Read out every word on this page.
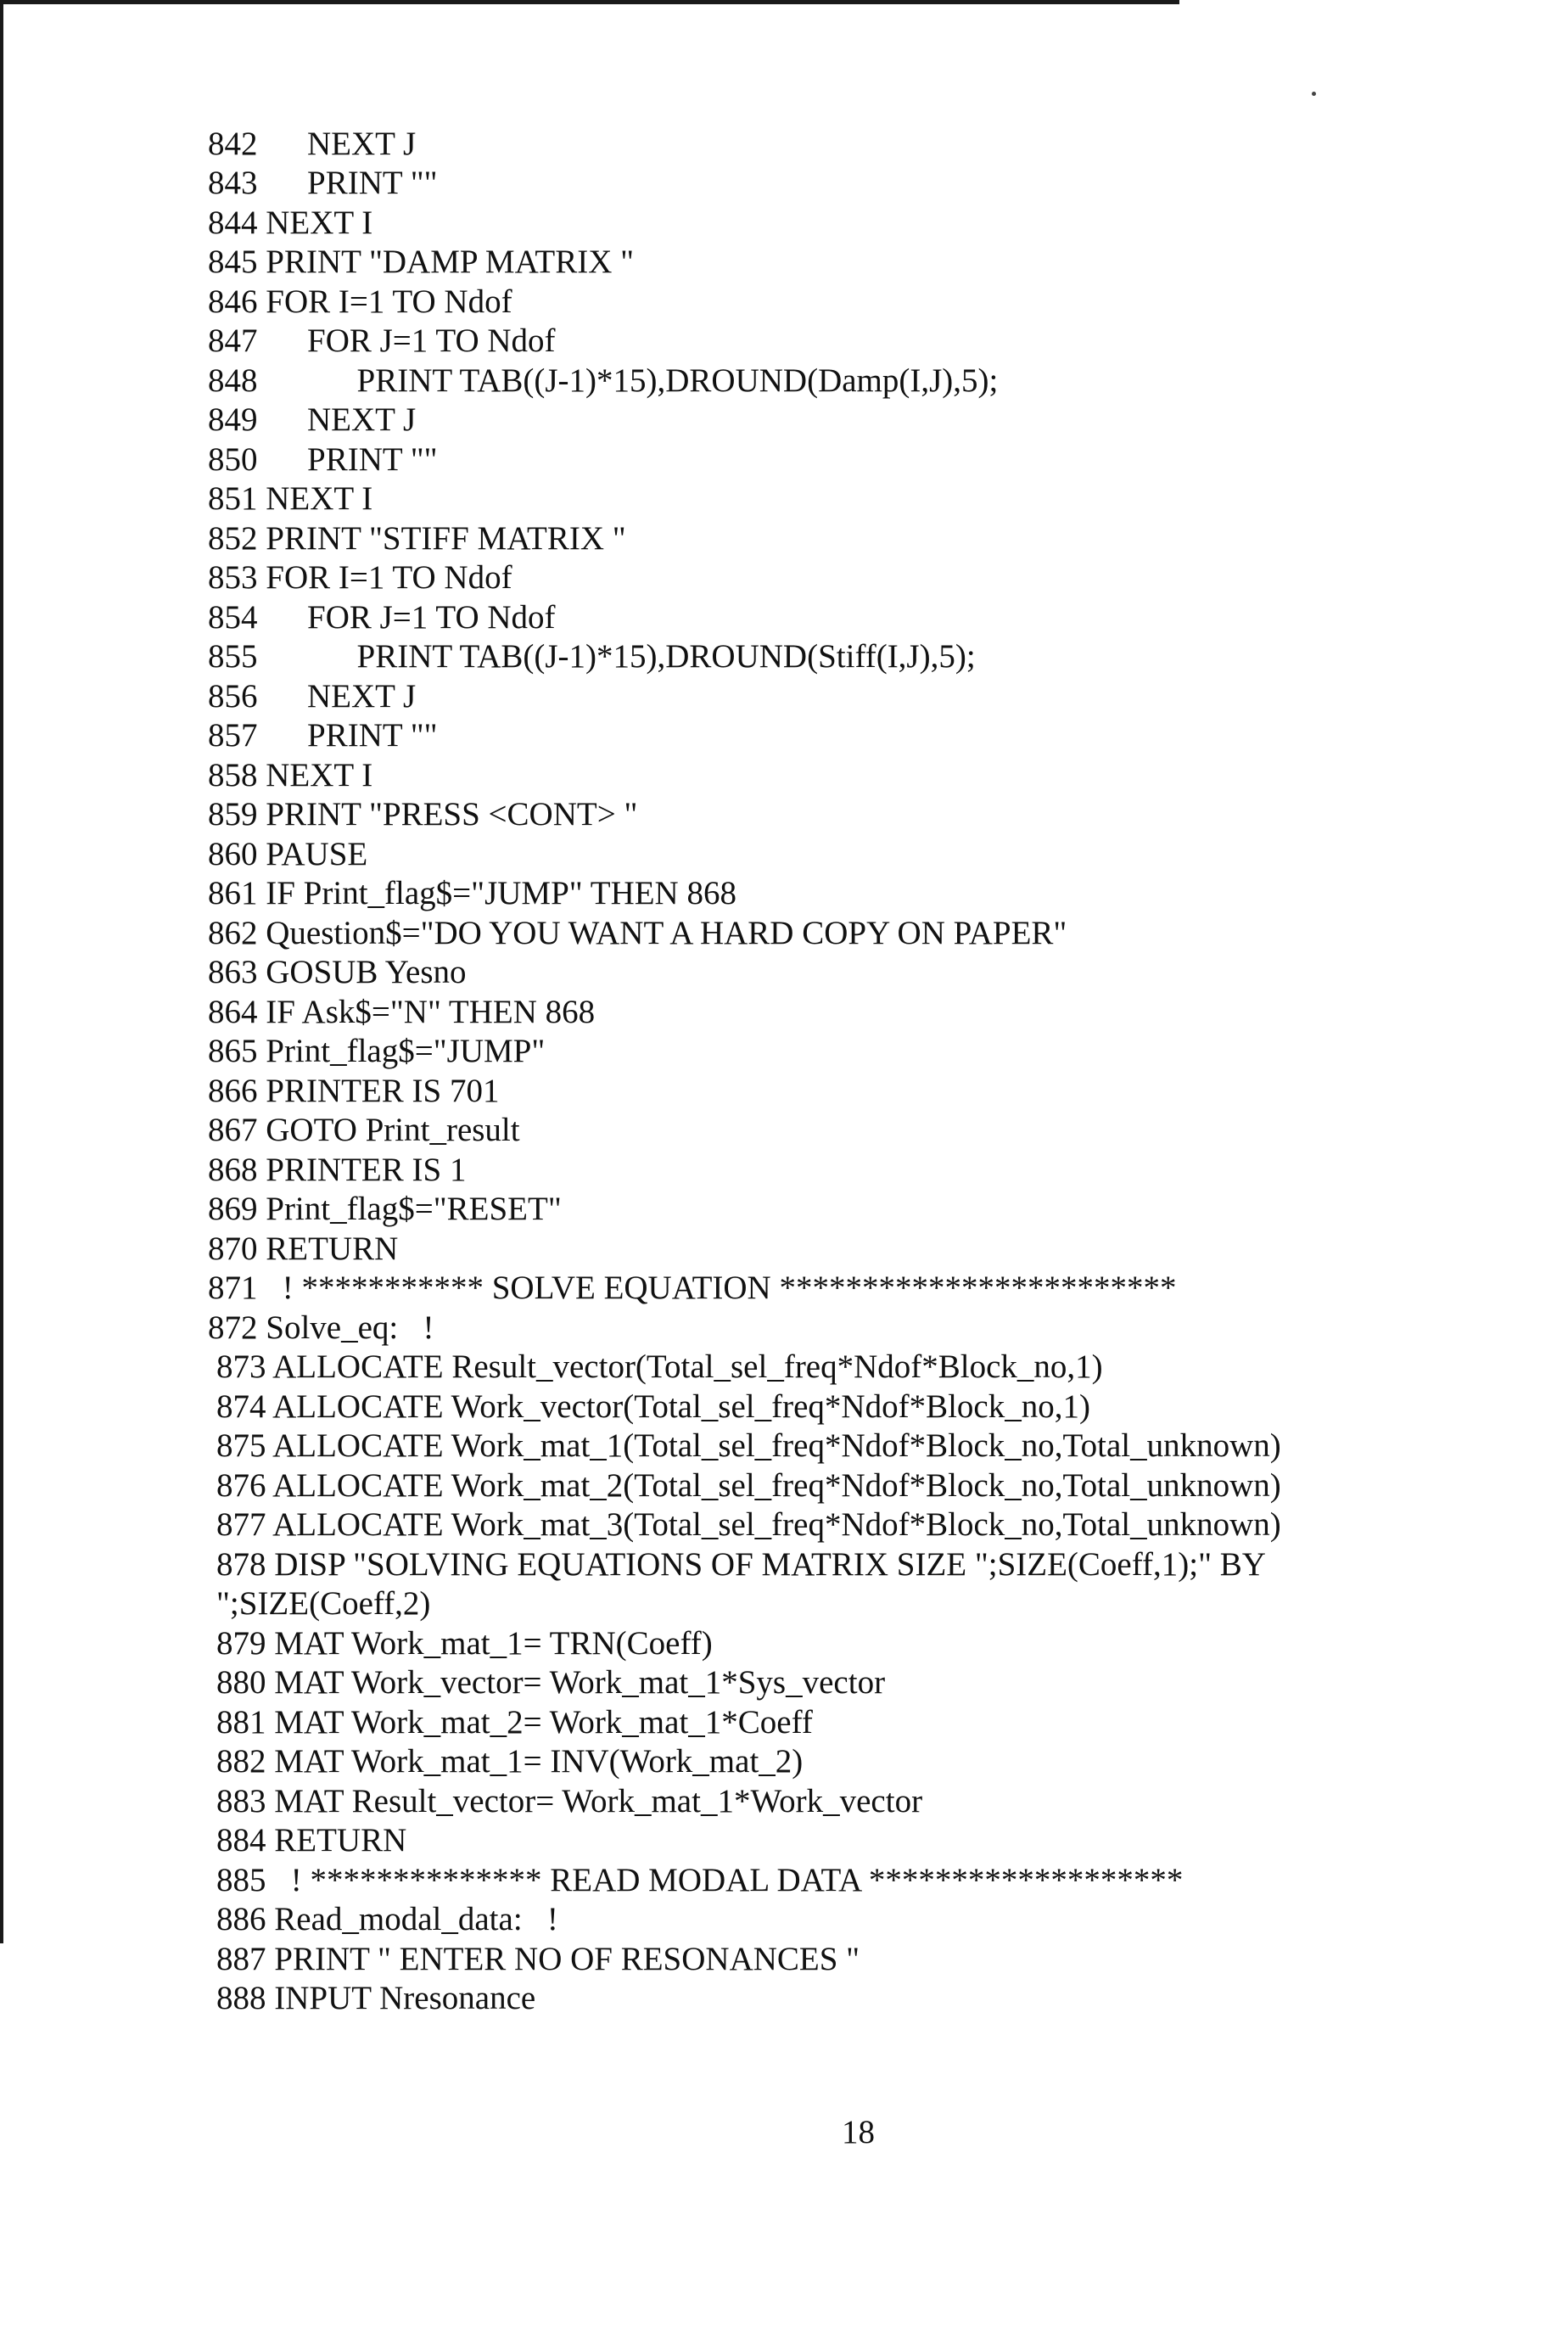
842      NEXT J
843      PRINT ""
844 NEXT I
845 PRINT "DAMP MATRIX "
846 FOR I=1 TO Ndof
847      FOR J=1 TO Ndof
848            PRINT TAB((J-1)*15),DROUND(Damp(I,J),5);
849      NEXT J
850      PRINT ""
851 NEXT I
852 PRINT "STIFF MATRIX "
853 FOR I=1 TO Ndof
854      FOR J=1 TO Ndof
855            PRINT TAB((J-1)*15),DROUND(Stiff(I,J),5);
856      NEXT J
857      PRINT ""
858 NEXT I
859 PRINT "PRESS <CONT> "
860 PAUSE
861 IF Print_flag$="JUMP" THEN 868
862 Question$="DO YOU WANT A HARD COPY ON PAPER"
863 GOSUB Yesno
864 IF Ask$="N" THEN 868
865 Print_flag$="JUMP"
866 PRINTER IS 701
867 GOTO Print_result
868 PRINTER IS 1
869 Print_flag$="RESET"
870 RETURN
871   ! *********** SOLVE EQUATION ************************
872 Solve_eq:   !
873 ALLOCATE Result_vector(Total_sel_freq*Ndof*Block_no,1)
874 ALLOCATE Work_vector(Total_sel_freq*Ndof*Block_no,1)
875 ALLOCATE Work_mat_1(Total_sel_freq*Ndof*Block_no,Total_unknown)
876 ALLOCATE Work_mat_2(Total_sel_freq*Ndof*Block_no,Total_unknown)
877 ALLOCATE Work_mat_3(Total_sel_freq*Ndof*Block_no,Total_unknown)
878 DISP "SOLVING EQUATIONS OF MATRIX SIZE ";SIZE(Coeff,1);" BY
";SIZE(Coeff,2)
879 MAT Work_mat_1= TRN(Coeff)
880 MAT Work_vector= Work_mat_1*Sys_vector
881 MAT Work_mat_2= Work_mat_1*Coeff
882 MAT Work_mat_1= INV(Work_mat_2)
883 MAT Result_vector= Work_mat_1*Work_vector
884 RETURN
885   ! ************** READ MODAL DATA *******************
886 Read_modal_data:   !
887 PRINT " ENTER NO OF RESONANCES "
888 INPUT Nresonance
18
